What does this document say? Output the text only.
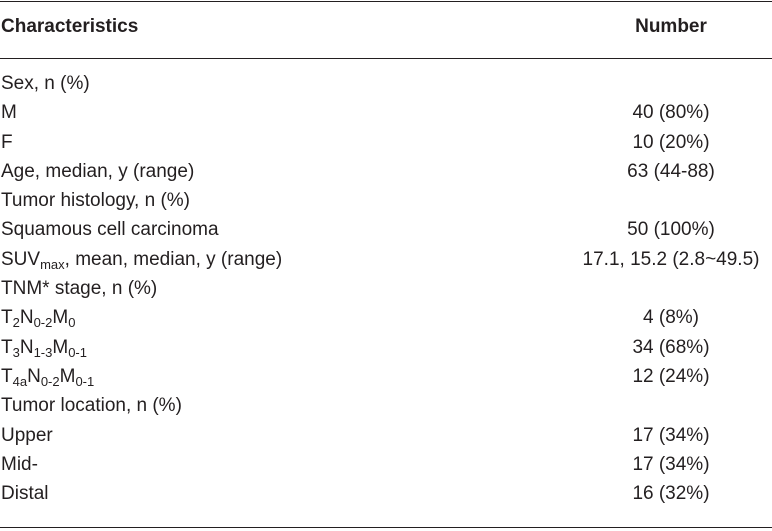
Characteristics	Number
Sex, n (%)
M	40 (80%)
F	10 (20%)
Age, median, y (range)	63 (44-88)
Tumor histology, n (%)
Squamous cell carcinoma	50 (100%)
$SUV_{max}$, mean, median, y (range)	17.1, 15.2 (2.8~49.5)
TNM* stage, n (%)
$T_2N_{0-2}M_0$	4 (8%)
$T_3N_{1-3}M_{0-1}$	34 (68%)
$T_{4a}N_{0-2}M_{0-1}$	12 (24%)
Tumor location, n (%)
Upper	17 (34%)
Mid-	17 (34%)
Distal	16 (32%)
